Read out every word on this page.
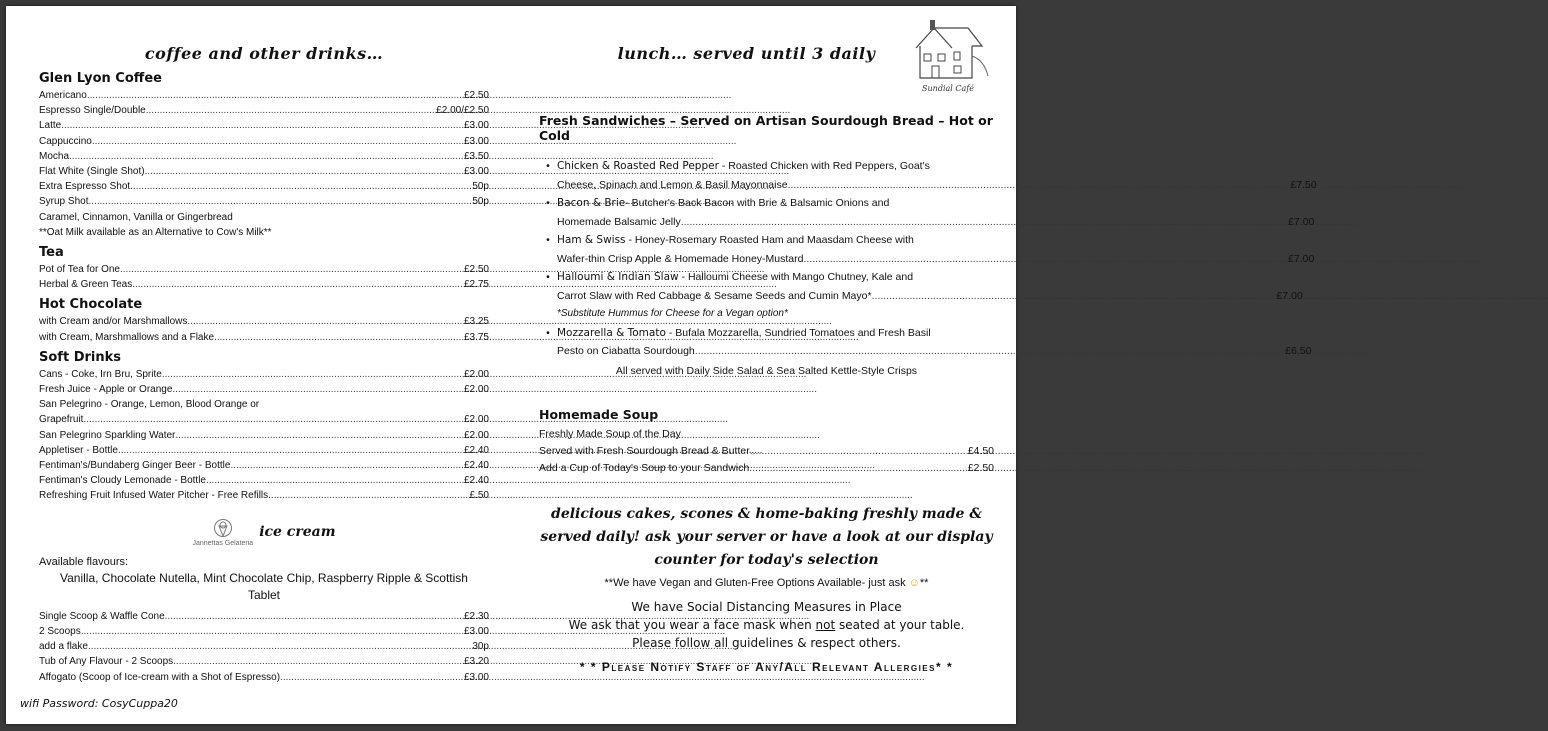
coffee and other drinks…
Glen Lyon Coffee
Americano .....	£2.50
Espresso Single/Double .....	£2.00/£2.50
Latte .....	£3.00
Cappuccino .....	£3.00
Mocha .....	£3.50
Flat White (Single Shot) .....	£3.00
Extra Espresso Shot .....	50p
Syrup Shot .....	50p
Caramel, Cinnamon, Vanilla or Gingerbread
**Oat Milk available as an Alternative to Cow's Milk**
Tea
Pot of Tea for One .....	£2.50
Herbal & Green Teas .....	£2.75
Hot Chocolate
with Cream and/or Marshmallows .....	£3.25
with Cream, Marshmallows and a Flake .....	£3.75
Soft Drinks
Cans - Coke, Irn Bru, Sprite .....	£2.00
Fresh Juice - Apple or Orange .....	£2.00
San Pelegrino - Orange, Lemon, Blood Orange or
Grapefruit .....	£2.00
San Pelegrino Sparkling Water .....	£2.00
Appletiser - Bottle .....	£2.40
Fentiman's/Bundaberg Ginger Beer - Bottle .....	£2.40
Fentiman's Cloudy Lemonade - Bottle .....	£2.40
Refreshing Fruit Infused Water Pitcher - Free Refills .....	£.50
Jannettas Gelateria
ice cream
Available flavours:
Vanilla, Chocolate Nutella, Mint Chocolate Chip, Raspberry Ripple & Scottish Tablet
Single Scoop & Waffle Cone .....	£2.30
2 Scoops .....	£3.00
add a flake .....	30p
Tub of Any Flavour - 2 Scoops .....	£3.20
Affogato (Scoop of Ice-cream with a Shot of Espresso) .....	£3.00
wifi Password: CosyCuppa20
Sundial Café
lunch… served until 3 daily
Fresh Sandwiches – Served on Artisan Sourdough Bread – Hot or Cold
• Chicken & Roasted Red Pepper - Roasted Chicken with Red Peppers, Goat's
Cheese, Spinach and Lemon & Basil Mayonnaise .....	£7.50
• Bacon & Brie- Butcher's Back Bacon with Brie & Balsamic Onions and
Homemade Balsamic Jelly .....	£7.00
• Ham & Swiss - Honey-Rosemary Roasted Ham and Maasdam Cheese with
Wafer-thin Crisp Apple & Homemade Honey-Mustard .....	£7.00
• Halloumi & Indian Slaw - Halloumi Cheese with Mango Chutney, Kale and
Carrot Slaw with Red Cabbage & Sesame Seeds and Cumin Mayo* .....	£7.00
*Substitute Hummus for Cheese for a Vegan option*
• Mozzarella & Tomato - Bufala Mozzarella, Sundried Tomatoes and Fresh Basil
Pesto on Ciabatta Sourdough .....	£6.50
All served with Daily Side Salad & Sea Salted Kettle-Style Crisps
Homemade Soup
Freshly Made Soup of the Day
Served with Fresh Sourdough Bread & Butter .....	£4.50
Add a Cup of Today's Soup to your Sandwich .....	£2.50
delicious cakes, scones & home-baking freshly made & served daily! ask your server or have a look at our display counter for today's selection
**We have Vegan and Gluten-Free Options Available- just ask ☺**
We have Social Distancing Measures in Place
We ask that you wear a face mask when not seated at your table.
Please follow all guidelines & respect others.
* * Please Notify Staff of Any/All Relevant Allergies* *
